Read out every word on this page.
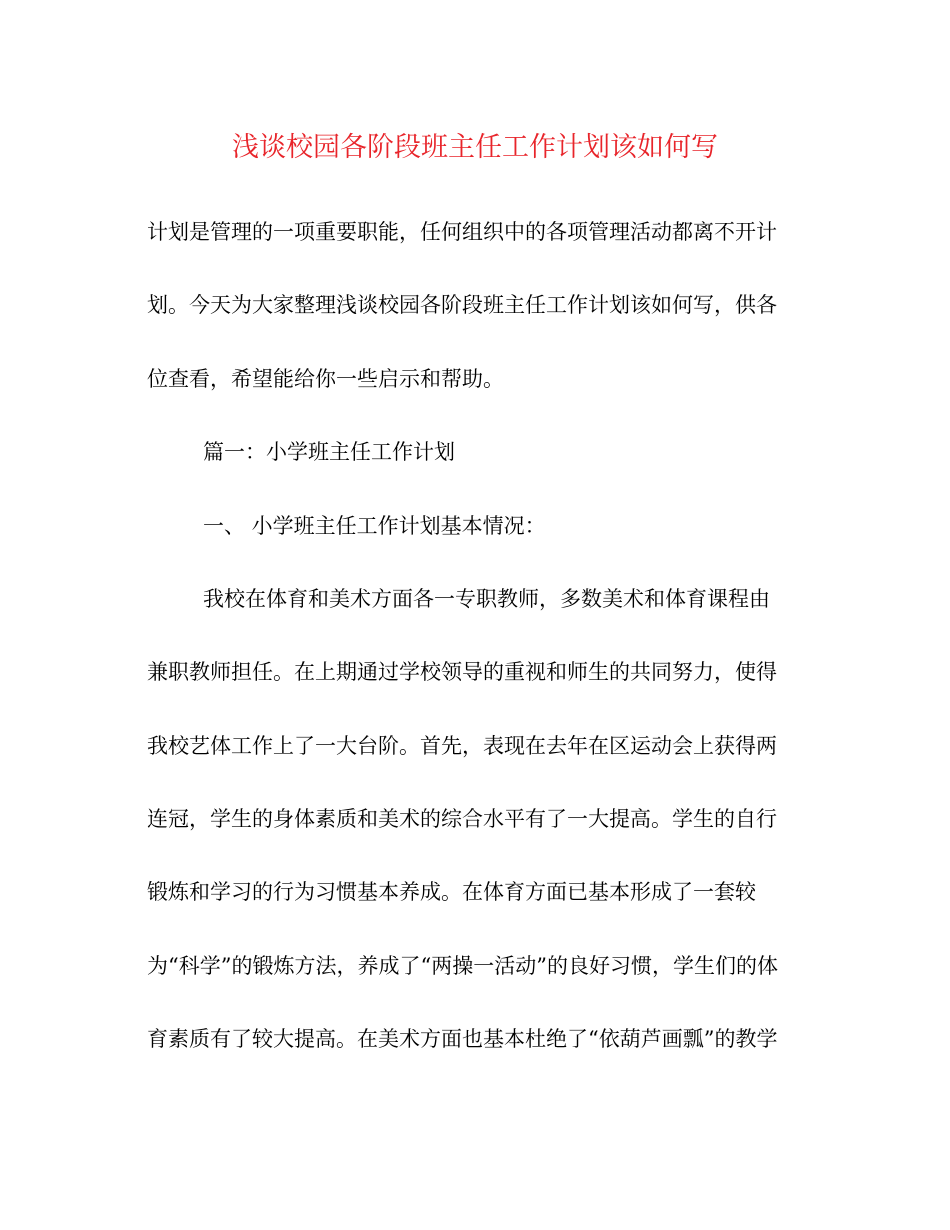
浅谈校园各阶段班主任工作计划该如何写
计划是管理的一项重要职能，任何组织中的各项管理活动都离不开计
划。今天为大家整理浅谈校园各阶段班主任工作计划该如何写，供各
位查看，希望能给你一些启示和帮助。
篇一：小学班主任工作计划
一、 小学班主任工作计划基本情况：
我校在体育和美术方面各一专职教师，多数美术和体育课程由
兼职教师担任。在上期通过学校领导的重视和师生的共同努力，使得
我校艺体工作上了一大台阶。首先，表现在去年在区运动会上获得两
连冠，学生的身体素质和美术的综合水平有了一大提高。学生的自行
锻炼和学习的行为习惯基本养成。在体育方面已基本形成了一套较
为“科学”的锻炼方法，养成了“两操一活动”的良好习惯，学生们的体
育素质有了较大提高。在美术方面也基本杜绝了“依葫芦画瓢”的教学
